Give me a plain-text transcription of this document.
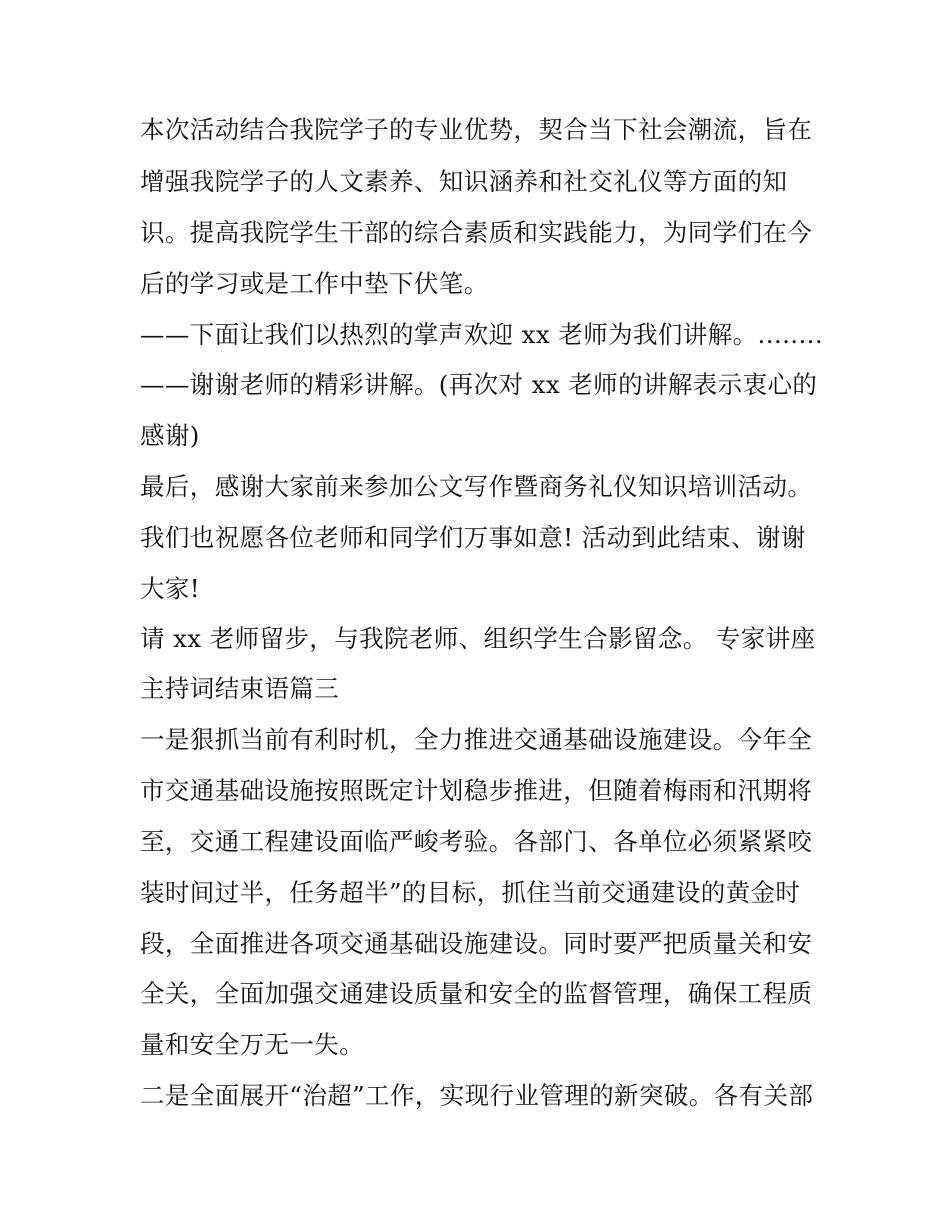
本次活动结合我院学子的专业优势，契合当下社会潮流，旨在
增强我院学子的人文素养、知识涵养和社交礼仪等方面的知
识。提高我院学生干部的综合素质和实践能力，为同学们在今
后的学习或是工作中垫下伏笔。
——下面让我们以热烈的掌声欢迎 xx 老师为我们讲解。........
——谢谢老师的精彩讲解。(再次对 xx 老师的讲解表示衷心的
感谢)
最后，感谢大家前来参加公文写作暨商务礼仪知识培训活动。
我们也祝愿各位老师和同学们万事如意! 活动到此结束、谢谢
大家!
请 xx 老师留步，与我院老师、组织学生合影留念。 专家讲座
主持词结束语篇三
一是狠抓当前有利时机，全力推进交通基础设施建设。今年全
市交通基础设施按照既定计划稳步推进，但随着梅雨和汛期将
至，交通工程建设面临严峻考验。各部门、各单位必须紧紧咬
装时间过半，任务超半”的目标，抓住当前交通建设的黄金时
段，全面推进各项交通基础设施建设。同时要严把质量关和安
全关，全面加强交通建设质量和安全的监督管理，确保工程质
量和安全万无一失。
二是全面展开“治超”工作，实现行业管理的新突破。各有关部
